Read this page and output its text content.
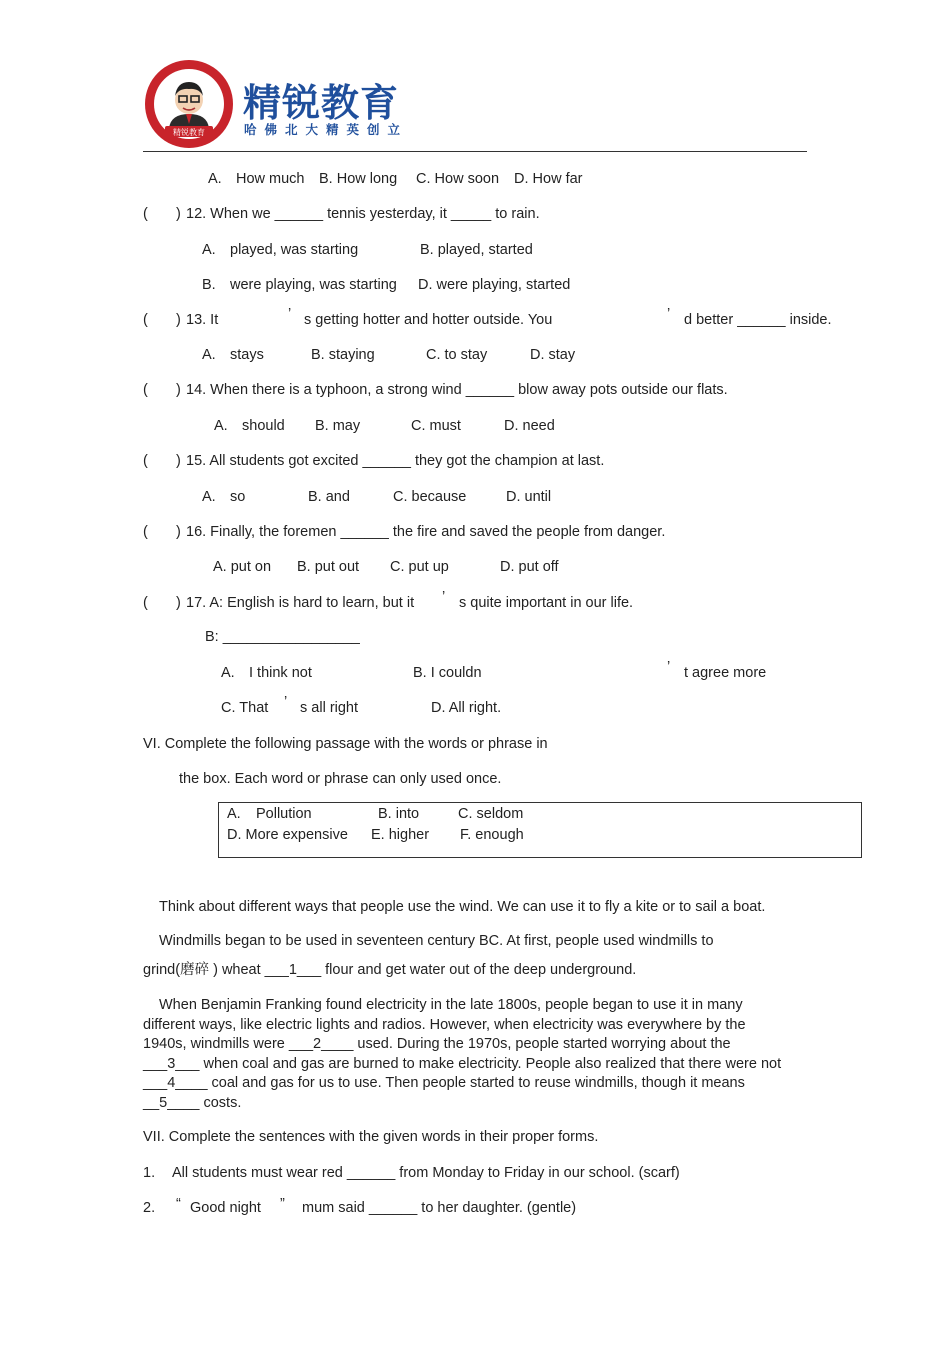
精锐教育
精锐教育
哈佛北大精英创立
A. How much B. How long C. How soon D. How far
( ) 12. When we ______ tennis yesterday, it _____ to rain.
A. played, was starting	B. played, started
B. were playing, was starting D. were playing, started
( ) 13. It	’ s getting hotter and hotter outside. You	’ d better ______ inside.
A. stays	B. staying	C. to stay	D. stay
( ) 14. When there is a typhoon, a strong wind ______ blow away pots outside our flats.
A. should B. may	C. must	D. need
( ) 15. All students got excited ______ they got the champion at last.
A. so	B. and	C. because	D. until
( ) 16. Finally, the foremen ______ the fire and saved the people from danger.
A. put on B. put out C. put up	D. put off
( ) 17. A: English is hard to learn, but it ’ s quite important in our life.
B: _________________
A. I think not	B. I couldn	’ t agree more
C. That ’ s all right	D. All right.
VI. Complete the following passage with the words or phrase in
the box. Each word or phrase can only used once.
A. Pollution	B. into	C. seldom
D. More expensive E. higher F. enough
Think about different ways that people use the wind. We can use it to fly a kite or to sail a boat.
Windmills began to be used in seventeen century BC. At first, people used windmills to
grind(磨碎 ) wheat ___1___ flour and get water out of the deep underground.
When Benjamin Franking found electricity in the late 1800s, people began to use it in many
different ways, like electric lights and radios. However, when electricity was everywhere by the
1940s, windmills were ___2____ used. During the 1970s, people started worrying about the
___3___ when coal and gas are burned to make electricity. People also realized that there were not
___4____ coal and gas for us to use. Then people started to reuse windmills, though it means
__5____ costs.
VII. Complete the sentences with the given words in their proper forms.
1. All students must wear red ______ from Monday to Friday in our school. (scarf)
2. “ Good night ” mum said ______ to her daughter. (gentle)
